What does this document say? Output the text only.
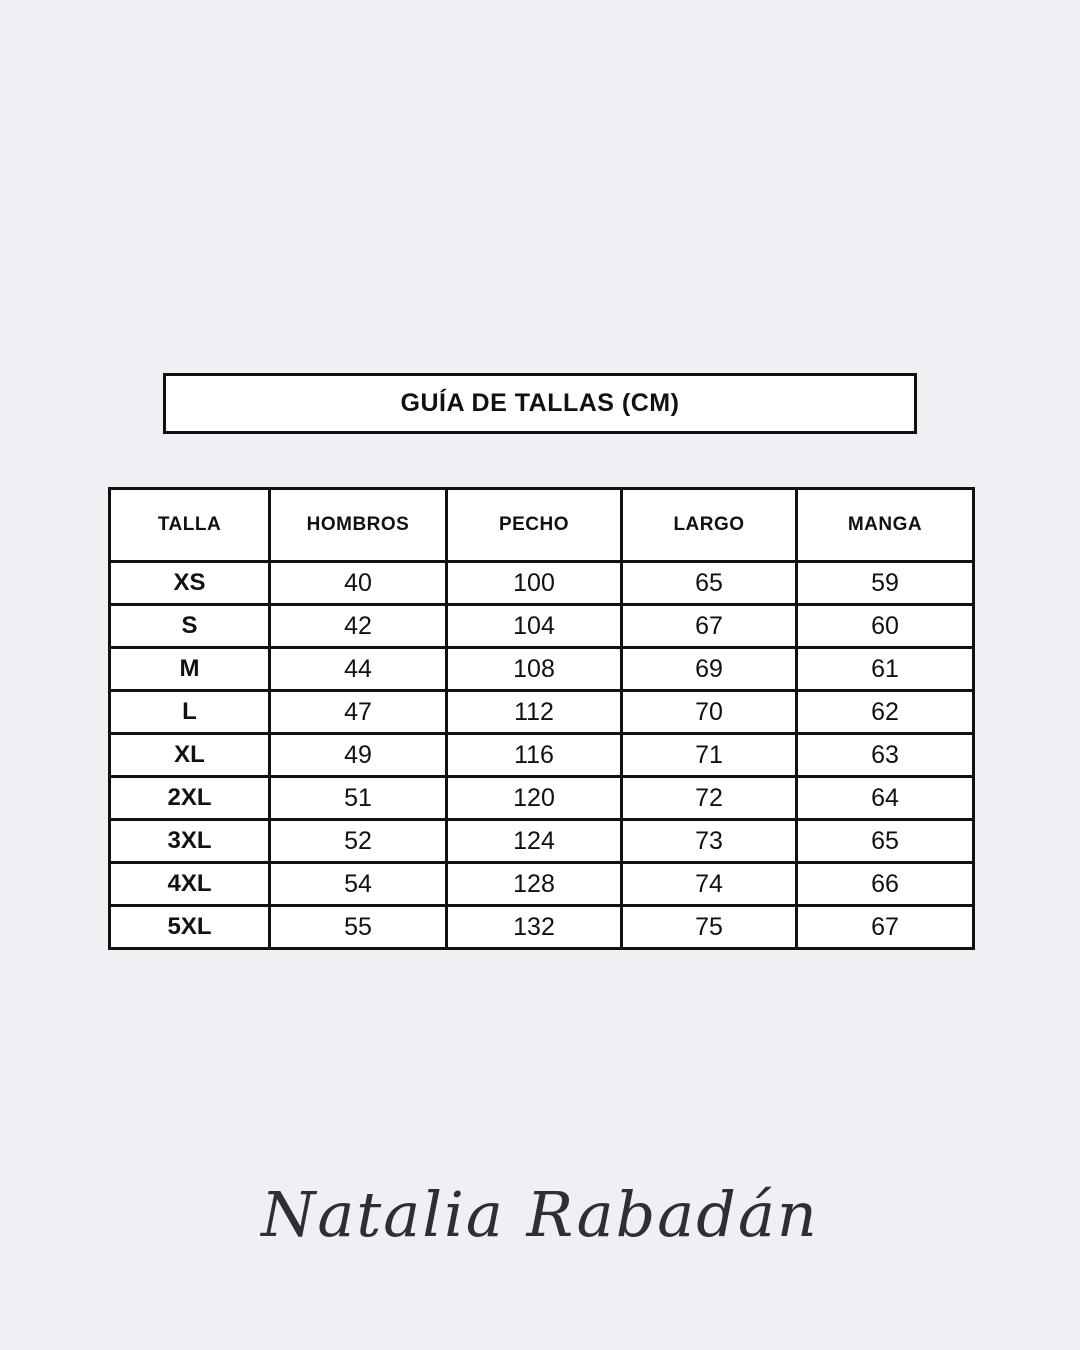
GUÍA DE TALLAS (CM)
TALLA	HOMBROS	PECHO	LARGO	MANGA
XS	40	100	65	59
S	42	104	67	60
M	44	108	69	61
L	47	112	70	62
XL	49	116	71	63
2XL	51	120	72	64
3XL	52	124	73	65
4XL	54	128	74	66
5XL	55	132	75	67
Natalia Rabadán
